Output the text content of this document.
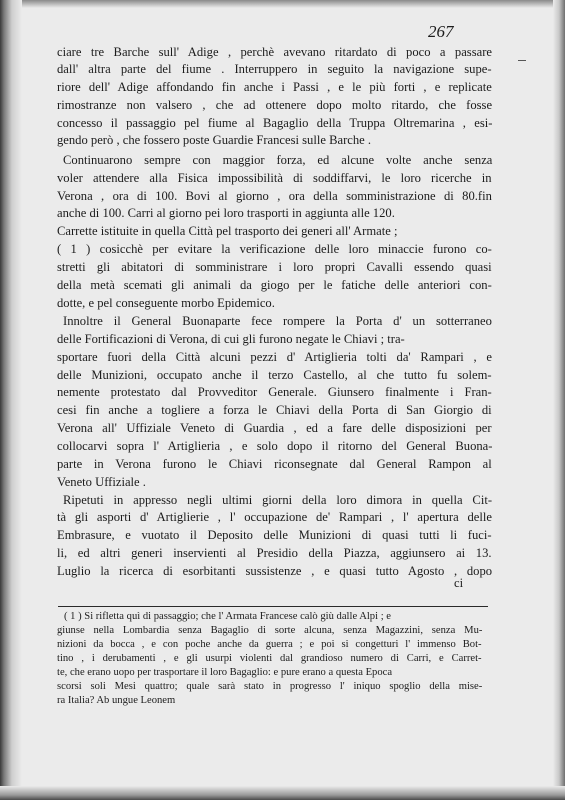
267
ciare tre Barche sull' Adige , perchè avevano ritardato di poco a passare
dall' altra parte del fiume . Interruppero in seguito la navigazione supe-
riore dell' Adige affondando fin anche i Passi , e le più forti , e replicate
rimostranze non valsero , che ad ottenere dopo molto ritardo, che fosse
concesso il passaggio pel fiume al Bagaglio della Truppa Oltremarina , esi-
gendo però , che fossero poste Guardie Francesi sulle Barche .
Continuarono sempre con maggior forza, ed alcune volte anche senza
voler attendere alla Fisica impossibilità di soddiffarvi, le loro ricerche in
Verona , ora di 100. Bovi al giorno , ora della somministrazione di 80.fin
anche di 100. Carri al giorno pei loro trasporti in aggiunta alle 120.
Carrette istituite in quella Città pel trasporto dei generi all' Armate ;
( 1 ) cosicchè per evitare la verificazione delle loro minaccie furono co-
stretti gli abitatori di somministrare i loro propri Cavalli essendo quasi
della metà scemati gli animali da giogo per le fatiche delle anteriori con-
dotte, e pel conseguente morbo Epidemico.
Innoltre il General Buonaparte fece rompere la Porta d' un sotterraneo
delle Fortificazioni di Verona, di cui gli furono negate le Chiavi ; tra-
sportare fuori della Città alcuni pezzi d' Artiglieria tolti da' Rampari , e
delle Munizioni, occupato anche il terzo Castello, al che tutto fu solem-
nemente protestato dal Provveditor Generale. Giunsero finalmente i Fran-
cesi fin anche a togliere a forza le Chiavi della Porta di San Giorgio di
Verona all' Uffiziale Veneto di Guardia , ed a fare delle disposizioni per
collocarvi sopra l' Artiglieria , e solo dopo il ritorno del General Buona-
parte in Verona furono le Chiavi riconsegnate dal General Rampon al
Veneto Uffiziale .
Ripetuti in appresso negli ultimi giorni della loro dimora in quella Cit-
tà gli asporti d' Artiglierie , l' occupazione de' Rampari , l' apertura delle
Embrasure, e vuotato il Deposito delle Munizioni di quasi tutti li fuci-
li, ed altri generi inservienti al Presidio della Piazza, aggiunsero ai 13.
Luglio la ricerca di esorbitanti sussistenze , e quasi tutto Agosto , dopo
ci
( 1 ) Si rifletta quì di passaggio; che l' Armata Francese calò giù dalle Alpi ; e
giunse nella Lombardia senza Bagaglio di sorte alcuna, senza Magazzini, senza Mu-
nizioni da bocca , e con poche anche da guerra ; e poi si congetturi l' immenso Bot-
tino , i derubamenti , e gli usurpi violenti dal grandioso numero di Carri, e Carret-
te, che erano uopo per trasportare il loro Bagaglio: e pure erano a questa Epoca
scorsi soli Mesi quattro; quale sarà stato in progresso l' iniquo spoglio della mise-
ra Italia? Ab ungue Leonem
